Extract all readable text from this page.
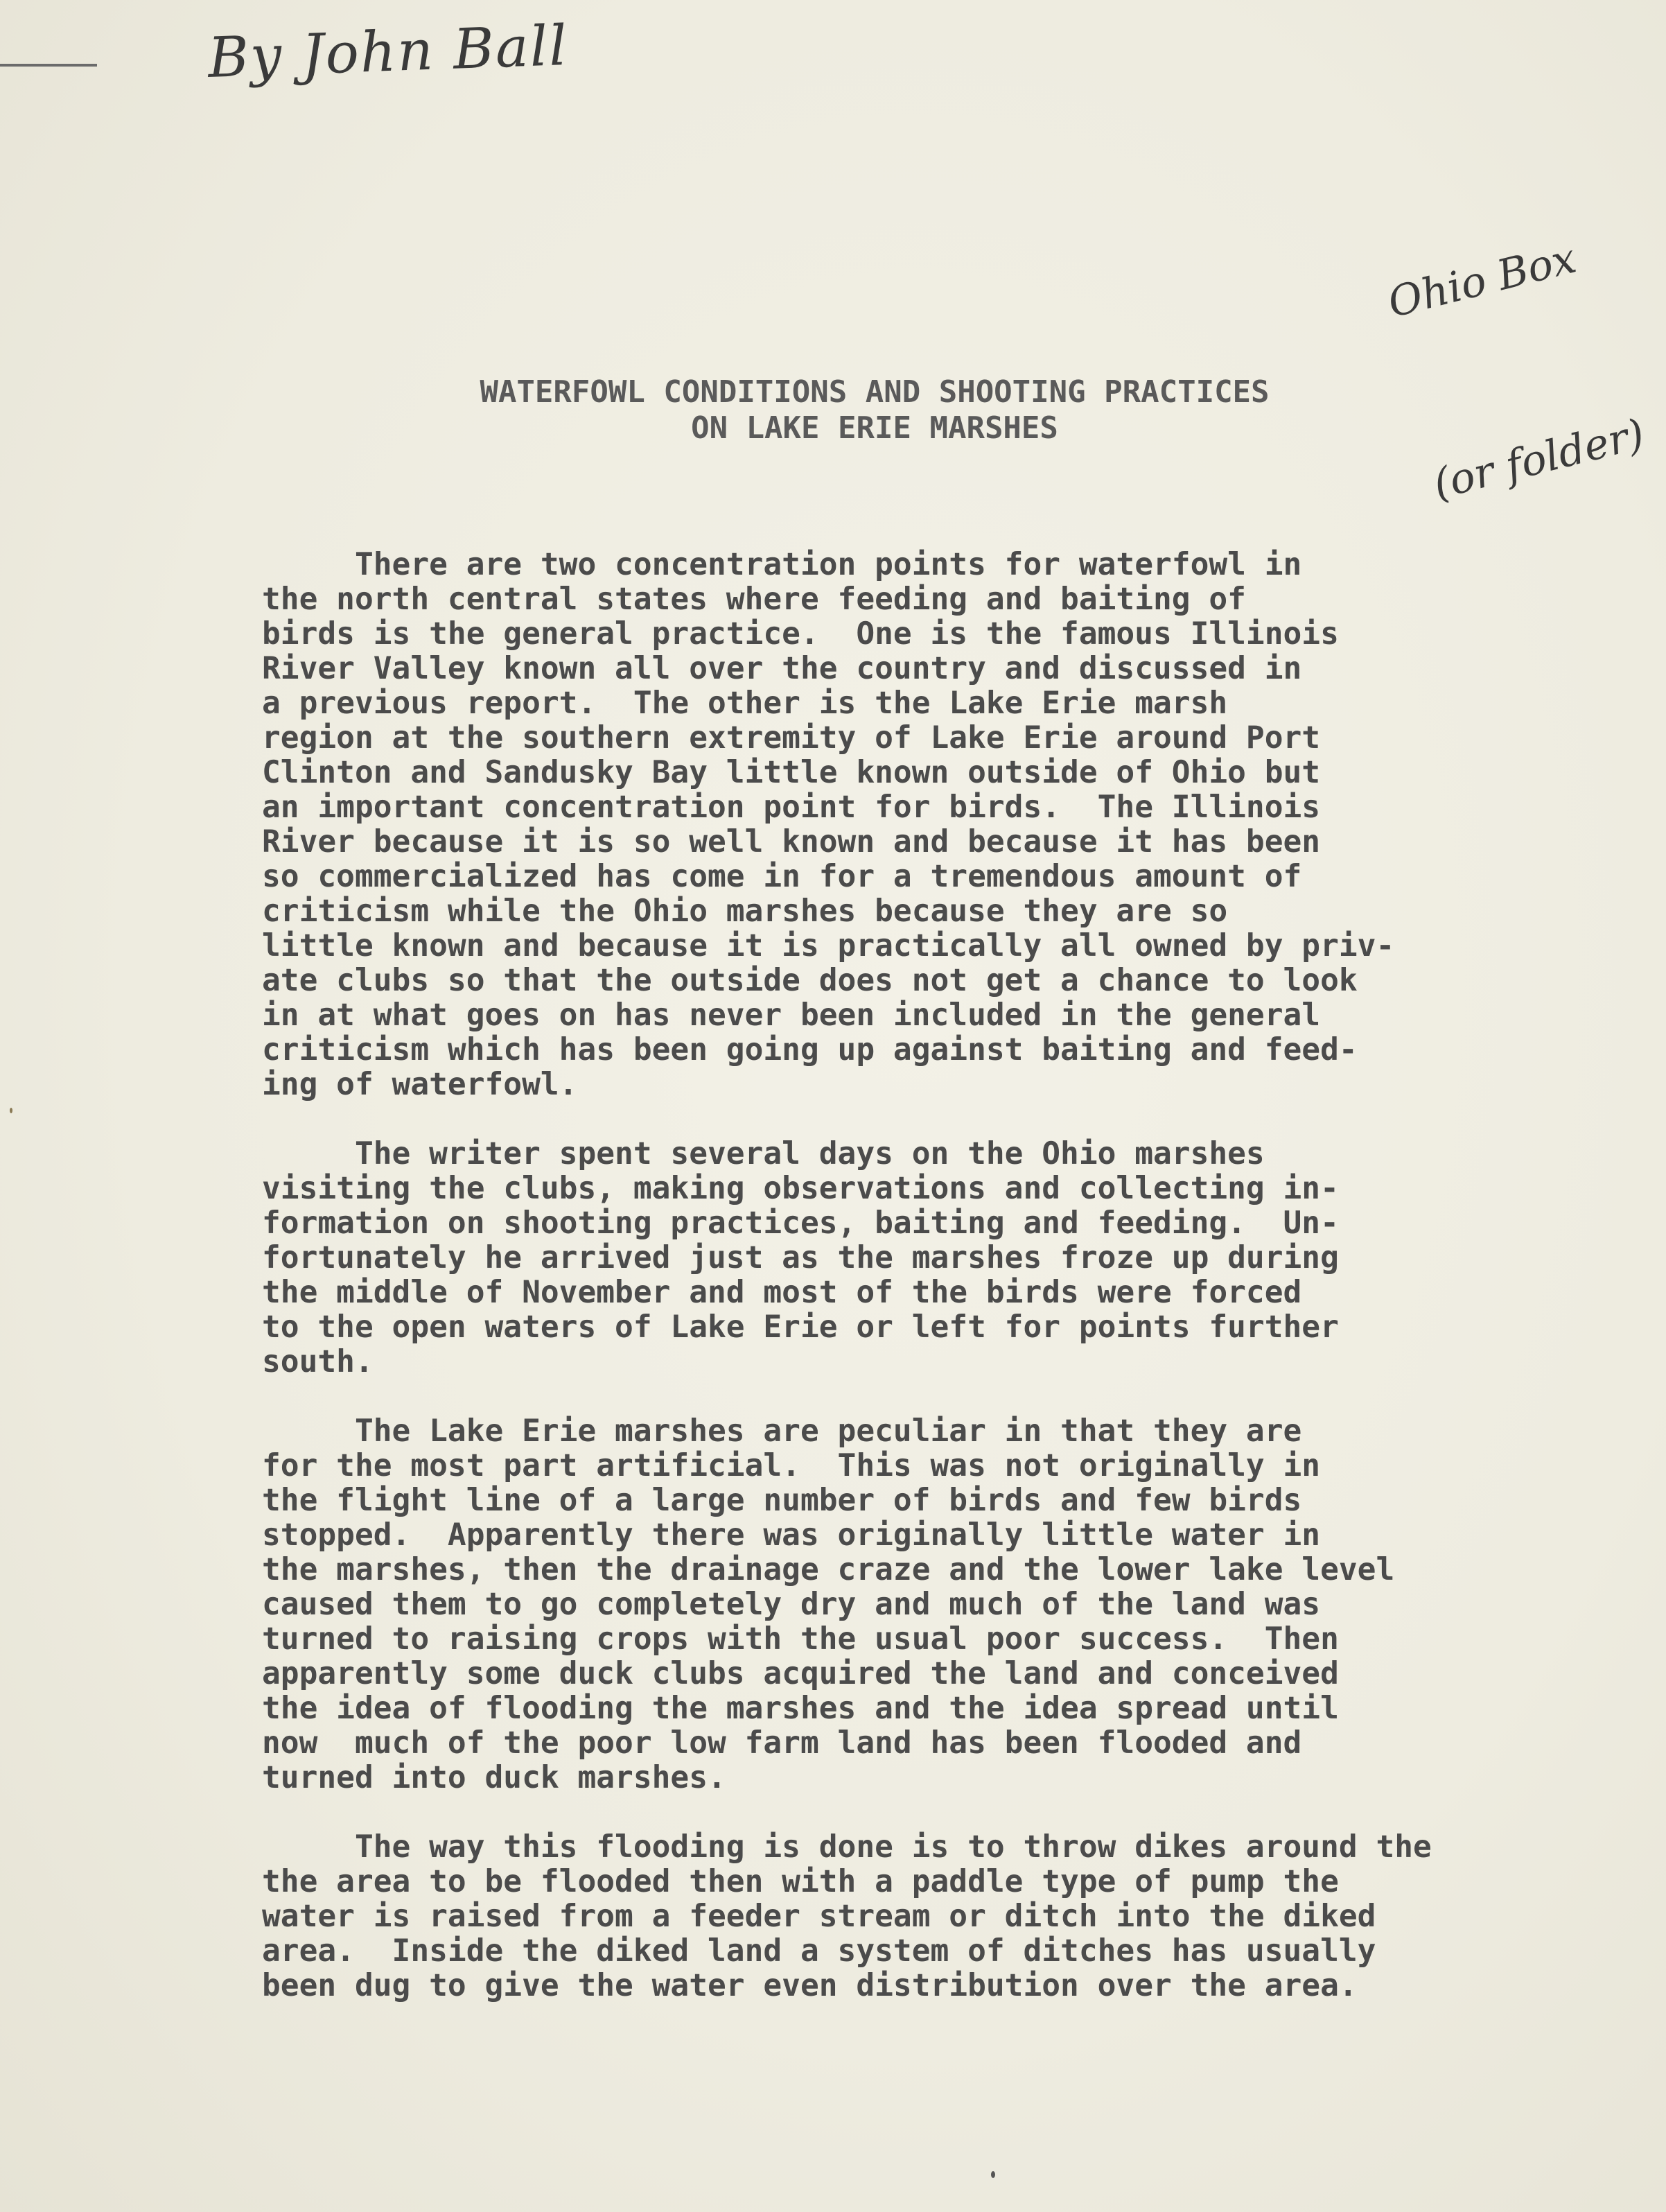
By John Ball

Ohio Box

(or folder)

WATERFOWL CONDITIONS AND SHOOTING PRACTICES
ON LAKE ERIE MARSHES

There are two concentration points for waterfowl in
the north central states where feeding and baiting of
birds is the general practice.  One is the famous Illinois
River Valley known all over the country and discussed in
a previous report.  The other is the Lake Erie marsh
region at the southern extremity of Lake Erie around Port
Clinton and Sandusky Bay little known outside of Ohio but
an important concentration point for birds.  The Illinois
River because it is so well known and because it has been
so commercialized has come in for a tremendous amount of
criticism while the Ohio marshes because they are so
little known and because it is practically all owned by priv-
ate clubs so that the outside does not get a chance to look
in at what goes on has never been included in the general
criticism which has been going up against baiting and feed-
ing of waterfowl.

The writer spent several days on the Ohio marshes
visiting the clubs, making observations and collecting in-
formation on shooting practices, baiting and feeding.  Un-
fortunately he arrived just as the marshes froze up during
the middle of November and most of the birds were forced
to the open waters of Lake Erie or left for points further
south.

The Lake Erie marshes are peculiar in that they are
for the most part artificial.  This was not originally in
the flight line of a large number of birds and few birds
stopped.  Apparently there was originally little water in
the marshes, then the drainage craze and the lower lake level
caused them to go completely dry and much of the land was
turned to raising crops with the usual poor success.  Then
apparently some duck clubs acquired the land and conceived
the idea of flooding the marshes and the idea spread until
now  much of the poor low farm land has been flooded and
turned into duck marshes.

The way this flooding is done is to throw dikes around the
the area to be flooded then with a paddle type of pump the
water is raised from a feeder stream or ditch into the diked
area.  Inside the diked land a system of ditches has usually
been dug to give the water even distribution over the area.
